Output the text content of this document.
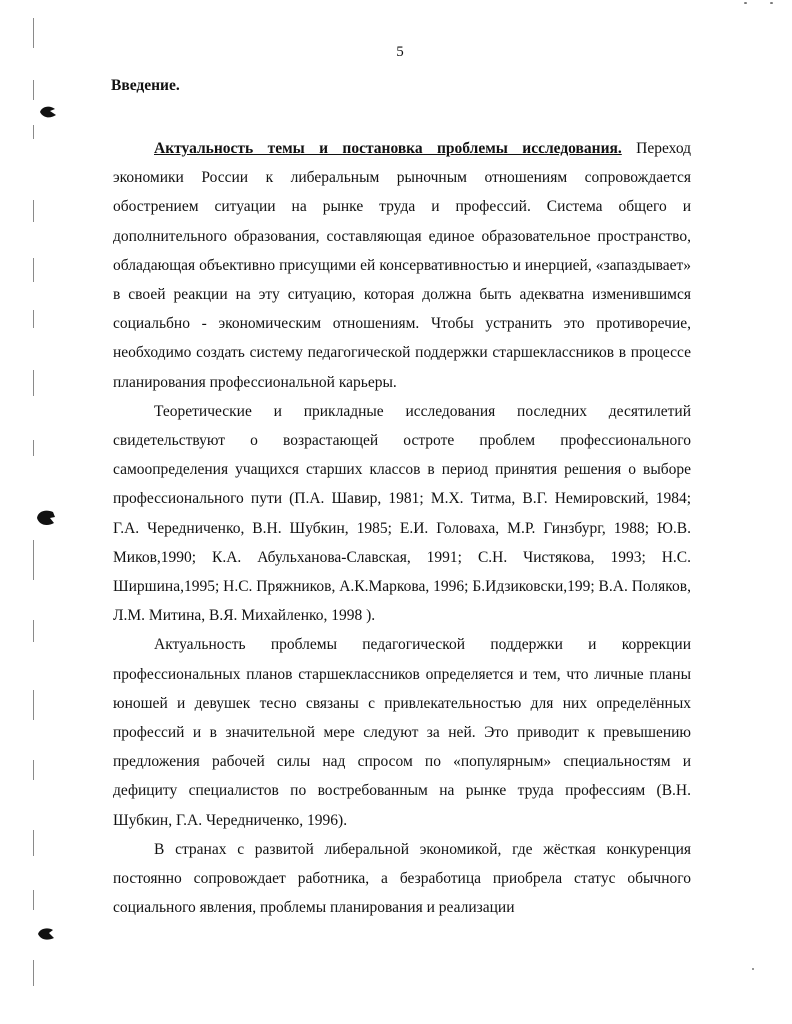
5
Введение.

Актуальность темы и постановка проблемы исследования. Переход экономики России к либеральным рыночным отношениям сопровождается обострением ситуации на рынке труда и профессий. Система общего и дополнительного образования, составляющая единое образовательное пространство, обладающая объективно присущими ей консервативностью и инерцией, «запаздывает» в своей реакции на эту ситуацию, которая должна быть адекватна изменившимся социальбно - экономическим отношениям. Чтобы устранить это противоречие, необходимо создать систему педагогической поддержки старшеклассников в процессе планирования профессиональной карьеры.

Теоретические и прикладные исследования последних десятилетий свидетельствуют о возрастающей остроте проблем профессионального самоопределения учащихся старших классов в период принятия решения о выборе профессионального пути (П.А. Шавир, 1981; М.Х. Титма, В.Г. Немировский, 1984; Г.А. Чередниченко, В.Н. Шубкин, 1985; Е.И. Головаха, М.Р. Гинзбург, 1988; Ю.В. Миков,1990; К.А. Абульханова-Славская, 1991; С.Н. Чистякова, 1993; Н.С. Ширшина,1995; Н.С. Пряжников, А.К.Маркова, 1996; Б.Идзиковски,199; В.А. Поляков, Л.М. Митина, В.Я. Михайленко, 1998 ).

Актуальность проблемы педагогической поддержки и коррекции профессиональных планов старшеклассников определяется и тем, что личные планы юношей и девушек тесно связаны с привлекательностью для них определённых профессий и в значительной мере следуют за ней. Это приводит к превышению предложения рабочей силы над спросом по «популярным» специальностям и дефициту специалистов по востребованным на рынке труда профессиям (В.Н. Шубкин, Г.А. Чередниченко, 1996).

В странах с развитой либеральной экономикой, где жёсткая конкуренция постоянно сопровождает работника, а безработица приобрела статус обычного социального явления, проблемы планирования и реализации
